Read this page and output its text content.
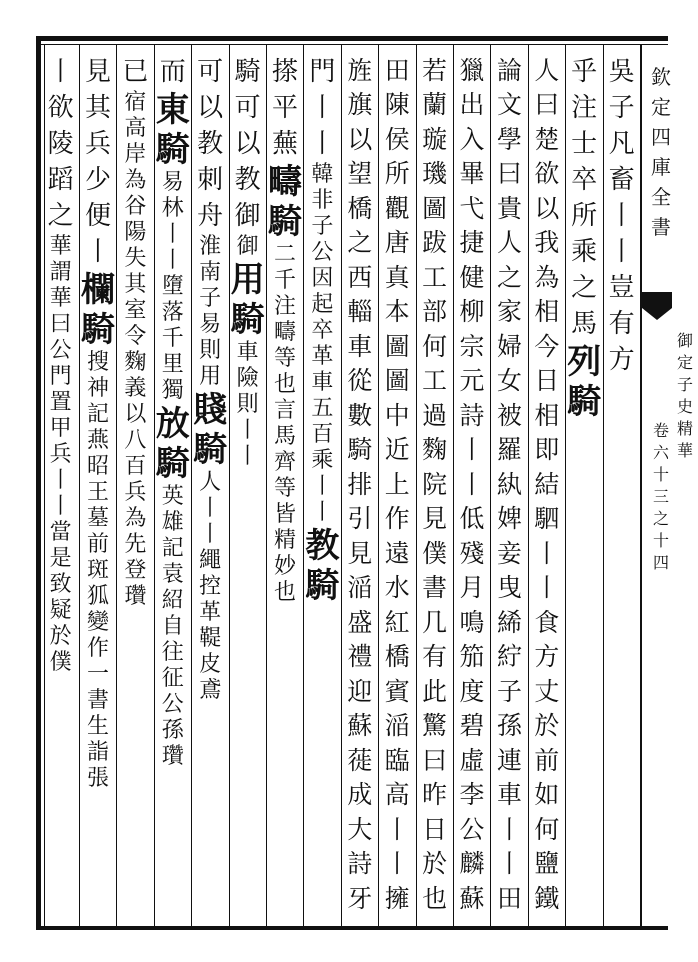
欽
定
四
庫
全
書
御
定
子
史
精
華
卷
六
十
三
之
十
四
吳
子
凡
畜
丨
丨
豈
有
方
乎
注
士
卒
所
乘
之
馬
列
騎
人
曰
楚
欲
以
我
為
相
今
日
相
即
結
駟
丨
丨
食
方
丈
於
前
如
何
鹽
鐵
論
文
學
曰
貴
人
之
家
婦
女
被
羅
紈
婢
妾
曳
絺
紵
子
孫
連
車
丨
丨
田
獵
出
入
畢
弋
捷
健
柳
宗
元
詩
丨
丨
低
殘
月
鳴
笳
度
碧
虛
李
公
麟
蘇
若
蘭
璇
璣
圖
跋
工
部
何
工
過
麴
院
見
僕
書
几
有
此
驚
曰
昨
日
於
也
田
陳
侯
所
觀
唐
真
本
圖
圖
中
近
上
作
遠
水
紅
橋
賓
㴞
臨
高
丨
丨
擁
旌
旗
以
望
橋
之
西
輜
車
從
數
騎
排
引
見
㴞
盛
禮
迎
蘇
蓰
成
大
詩
牙
門
丨
丨
韓
非
子
公
因
起
卒
革
車
五
百
乘
丨
丨
教
騎
搽
平
蕪
疇
騎
二
千
注
疇
等
也
言
馬
齊
等
皆
精
妙
也
騎
可
以
教
御
御
用
騎
車
險
則
丨
丨
可
以
教
刺
舟
淮
南
子
易
則
用
賤
騎
人
丨
丨
繩
控
革
鞮
皮
鳶
而
東
騎
易
林
丨
丨
墮
落
千
里
獨
放
騎
英
雄
記
袁
紹
自
往
征
公
孫
瓚
已
宿
高
岸
為
谷
陽
失
其
室
令
麴
義
以
八
百
兵
為
先
登
瓚
見
其
兵
少
便
丨
欄
騎
搜
神
記
燕
昭
王
墓
前
斑
狐
變
作
一
書
生
詣
張
丨
欲
陵
蹈
之
華
謂
華
曰
公
門
置
甲
兵
丨
丨
當
是
致
疑
於
僕
